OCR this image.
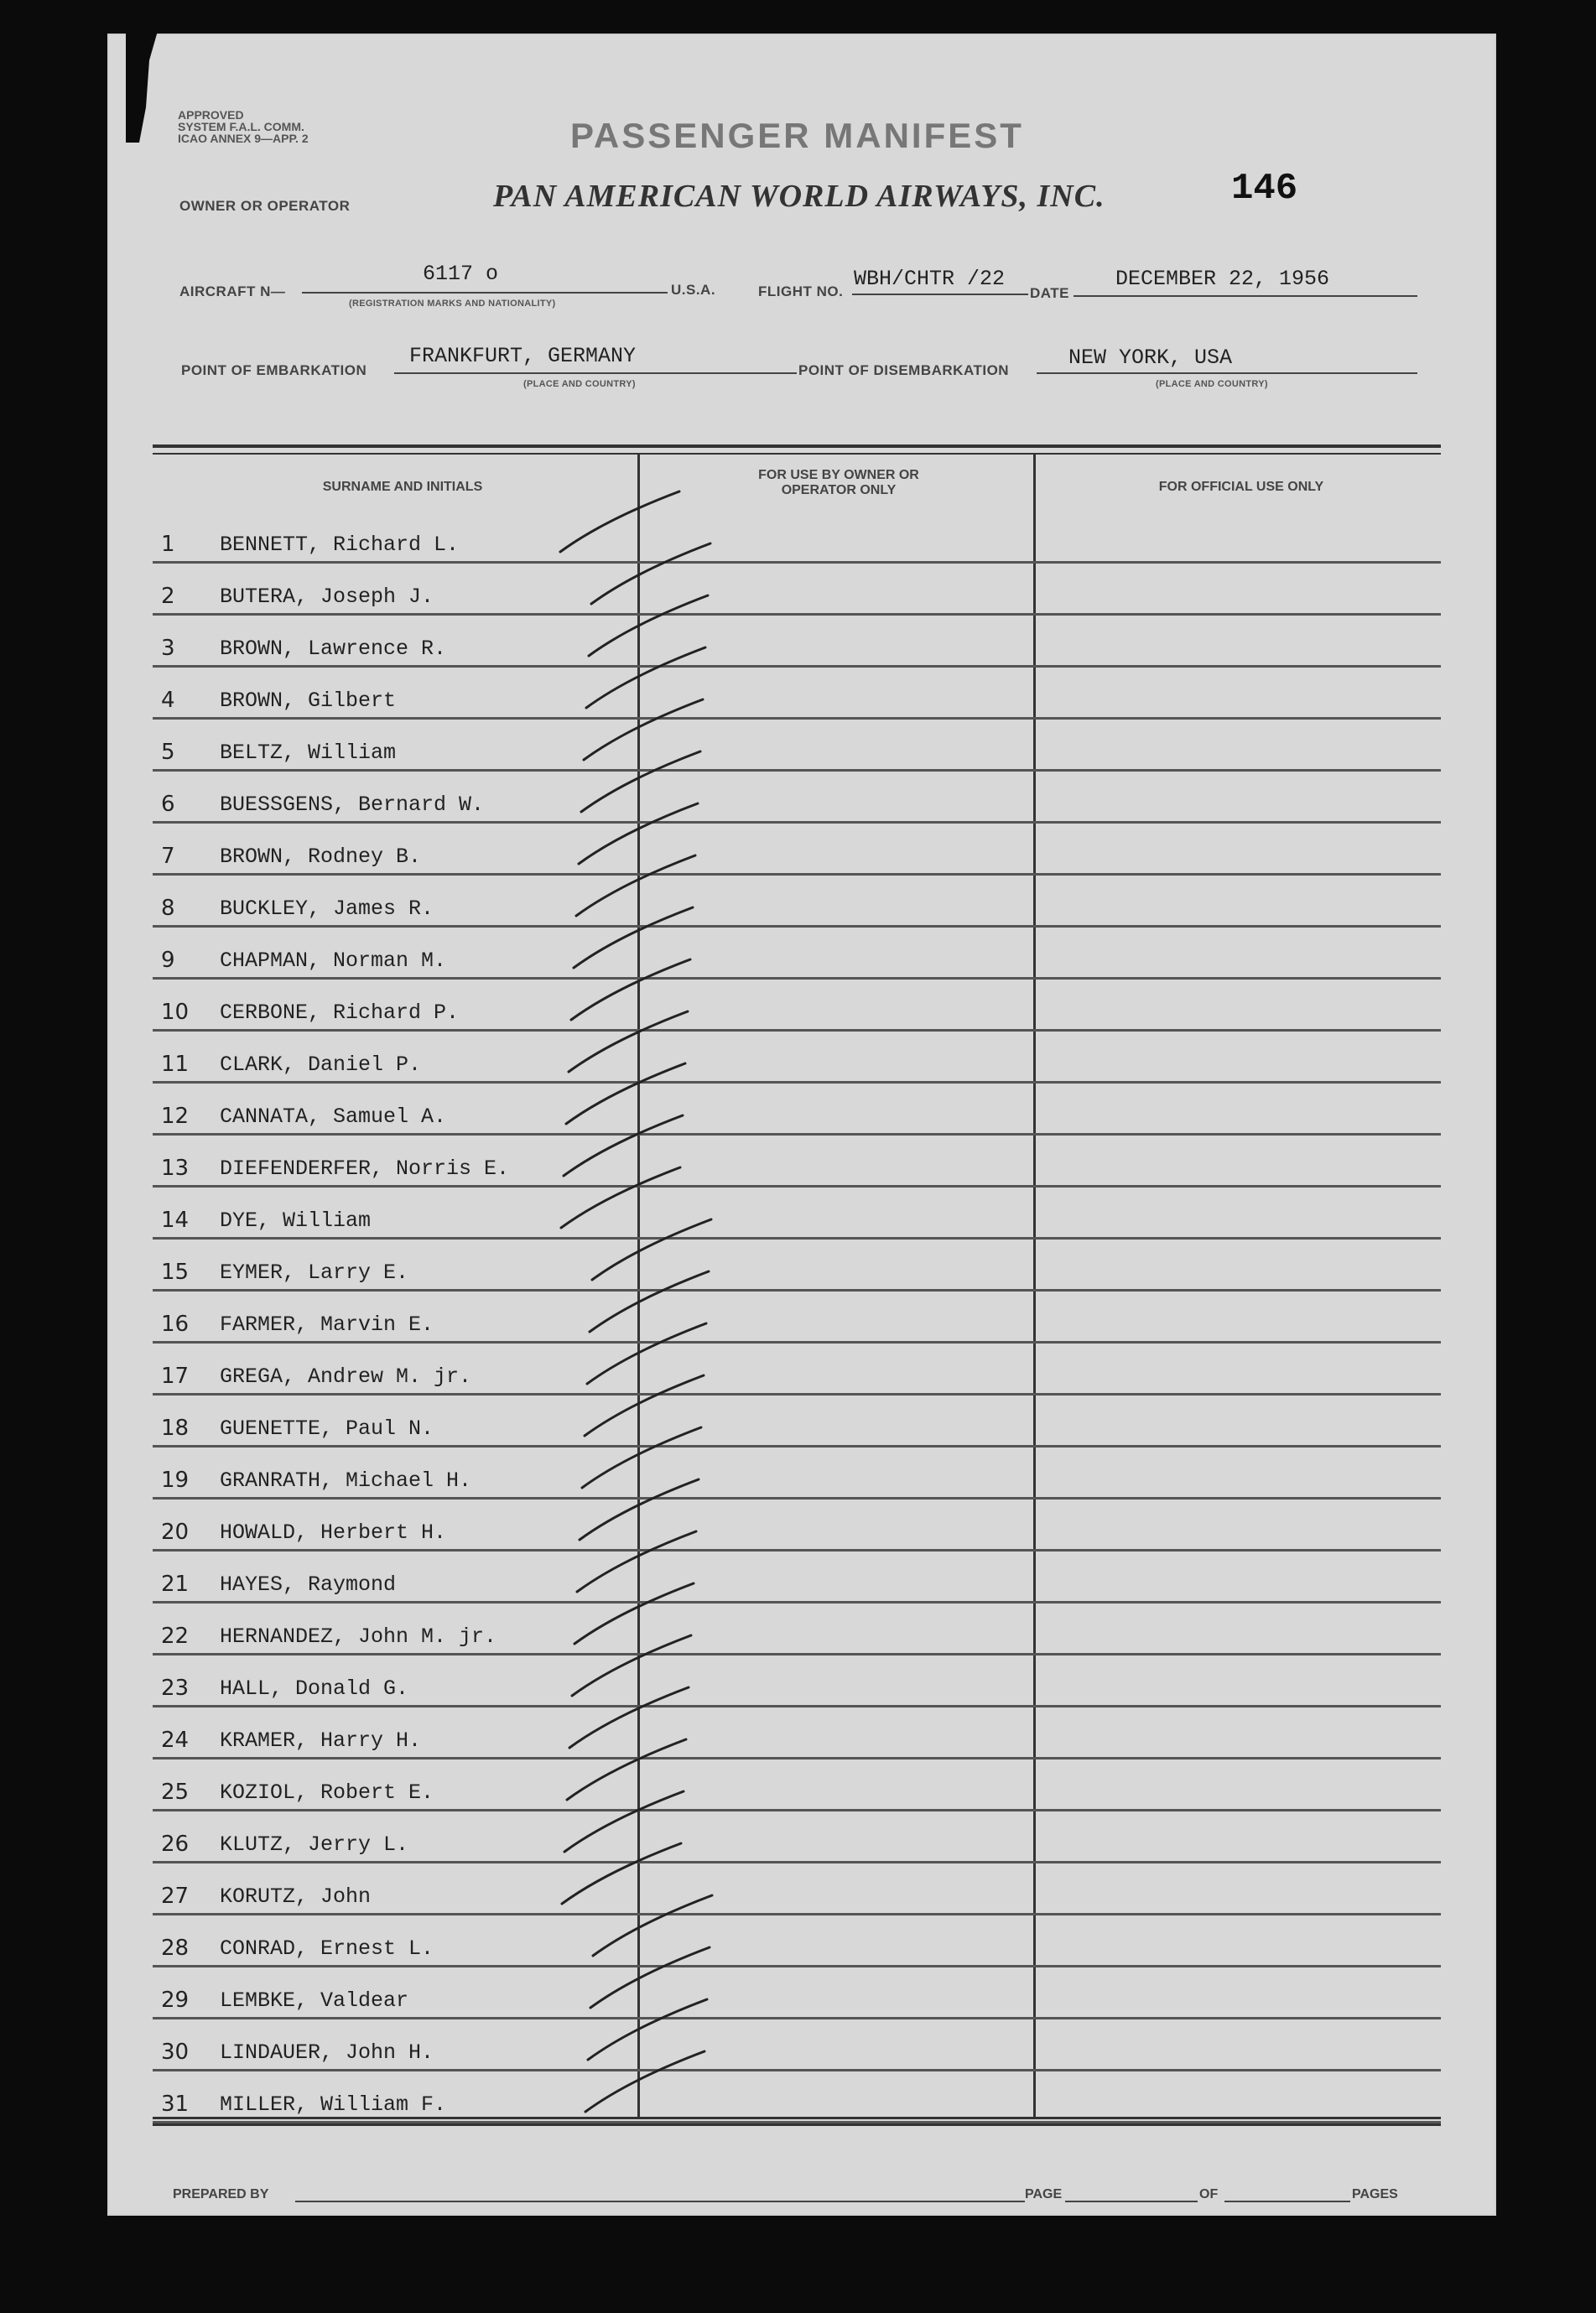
APPROVED
SYSTEM F.A.L. COMM.
ICAO ANNEX 9—APP. 2	PASSENGER MANIFEST
146
OWNER OR OPERATOR	PAN AMERICAN WORLD AIRWAYS, INC.
AIRCRAFT N—
6117 o
(REGISTRATION MARKS AND NATIONALITY)
U.S.A.	FLIGHT NO.
WBH/CHTR /22
DATE
DECEMBER 22, 1956
POINT OF EMBARKATION
FRANKFURT, GERMANY
(PLACE AND COUNTRY)
POINT OF DISEMBARKATION
NEW YORK, USA
(PLACE AND COUNTRY)
SURNAME AND INITIALS
FOR USE BY OWNER OR OPERATOR ONLY	FOR OFFICIAL USE ONLY
1 BENNETT, Richard L.
2 BUTERA, Joseph J.
3 BROWN, Lawrence R.
4 BROWN, Gilbert
5 BELTZ, William
6 BUESSGENS, Bernard W.
7 BROWN, Rodney B.
8 BUCKLEY, James R.
9 CHAPMAN, Norman M.
10 CERBONE, Richard P.
11 CLARK, Daniel P.
12 CANNATA, Samuel A.
13 DIEFENDERFER, Norris E.
14 DYE, William
15 EYMER, Larry E.
16 FARMER, Marvin E.
17 GREGA, Andrew M. jr.
18 GUENETTE, Paul N.
19 GRANRATH, Michael H.
20 HOWALD, Herbert H.
21 HAYES, Raymond
22 HERNANDEZ, John M. jr.
23 HALL, Donald G.
24 KRAMER, Harry H.
25 KOZIOL, Robert E.
26 KLUTZ, Jerry L.
27 KORUTZ, John
28 CONRAD, Ernest L.
29 LEMBKE, Valdear
30 LINDAUER, John H.
31 MILLER, William F.
PREPARED BY	PAGE	OF	PAGES
